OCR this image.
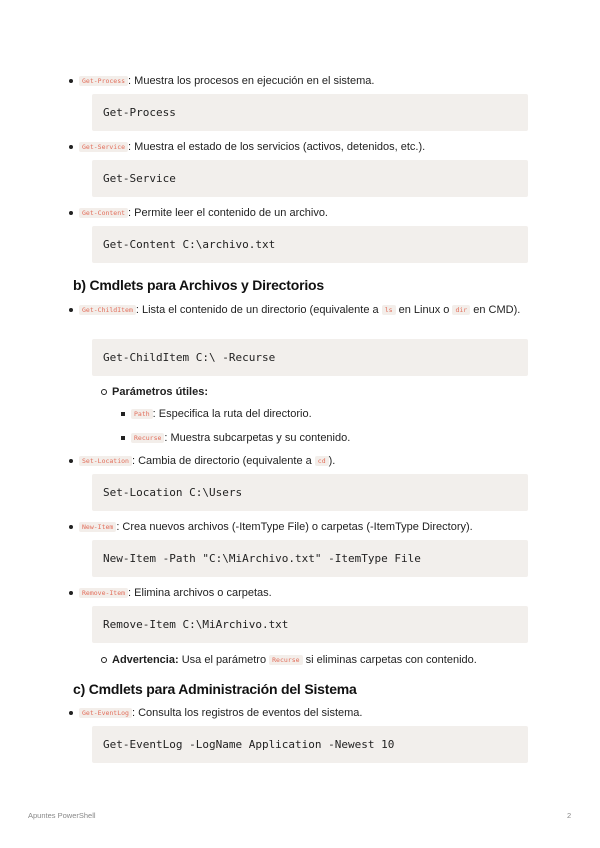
Get-Process : Muestra los procesos en ejecución en el sistema.
Get-Process
Get-Service : Muestra el estado de los servicios (activos, detenidos, etc.).
Get-Service
Get-Content : Permite leer el contenido de un archivo.
Get-Content C:\archivo.txt
b) Cmdlets para Archivos y Directorios
Get-ChildItem : Lista el contenido de un directorio (equivalente a ls en Linux o dir en CMD).
Get-ChildItem C:\ -Recurse
Parámetros útiles:
Path : Especifica la ruta del directorio.
Recurse : Muestra subcarpetas y su contenido.
Set-Location : Cambia de directorio (equivalente a cd ).
Set-Location C:\Users
New-Item : Crea nuevos archivos (-ItemType File) o carpetas (-ItemType Directory).
New-Item -Path "C:\MiArchivo.txt" -ItemType File
Remove-Item : Elimina archivos o carpetas.
Remove-Item C:\MiArchivo.txt
Advertencia: Usa el parámetro Recurse si eliminas carpetas con contenido.
c) Cmdlets para Administración del Sistema
Get-EventLog : Consulta los registros de eventos del sistema.
Get-EventLog -LogName Application -Newest 10
Apuntes PowerShell	2
